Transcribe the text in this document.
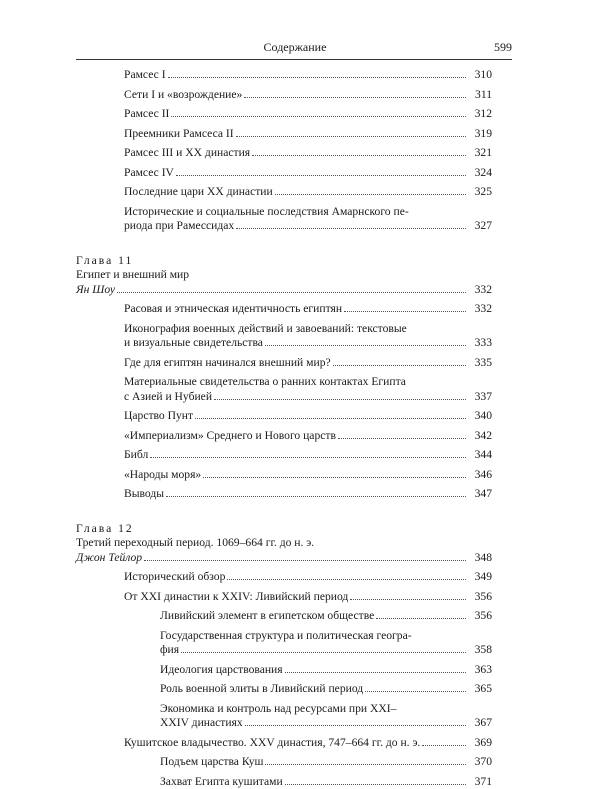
Содержание	599
Рамсес I	310
Сети I и «возрождение»	311
Рамсес II	312
Преемники Рамсеса II	319
Рамсес III и XX династия	321
Рамсес IV	324
Последние цари XX династии	325
Исторические и социальные последствия Амарнского пе-
риода при Рамессидах	327
Глава 11
Египет и внешний мир
Ян Шоу	332
Расовая и этническая идентичность египтян	332
Иконография военных действий и завоеваний: текстовые
и визуальные свидетельства	333
Где для египтян начинался внешний мир?	335
Материальные свидетельства о ранних контактах Египта
с Азией и Нубией	337
Царство Пунт	340
«Империализм» Среднего и Нового царств	342
Библ	344
«Народы моря»	346
Выводы	347
Глава 12
Третий переходный период. 1069–664 гг. до н. э.
Джон Тейлор	348
Исторический обзор	349
От XXI династии к XXIV: Ливийский период	356
Ливийский элемент в египетском обществе	356
Государственная структура и политическая геогра-
фия	358
Идеология царствования	363
Роль военной элиты в Ливийский период	365
Экономика и контроль над ресурсами при XXI–
XXIV династиях	367
Кушитское владычество. XXV династия, 747–664 гг. до н. э.	369
Подъем царства Куш	370
Захват Египта кушитами	371
